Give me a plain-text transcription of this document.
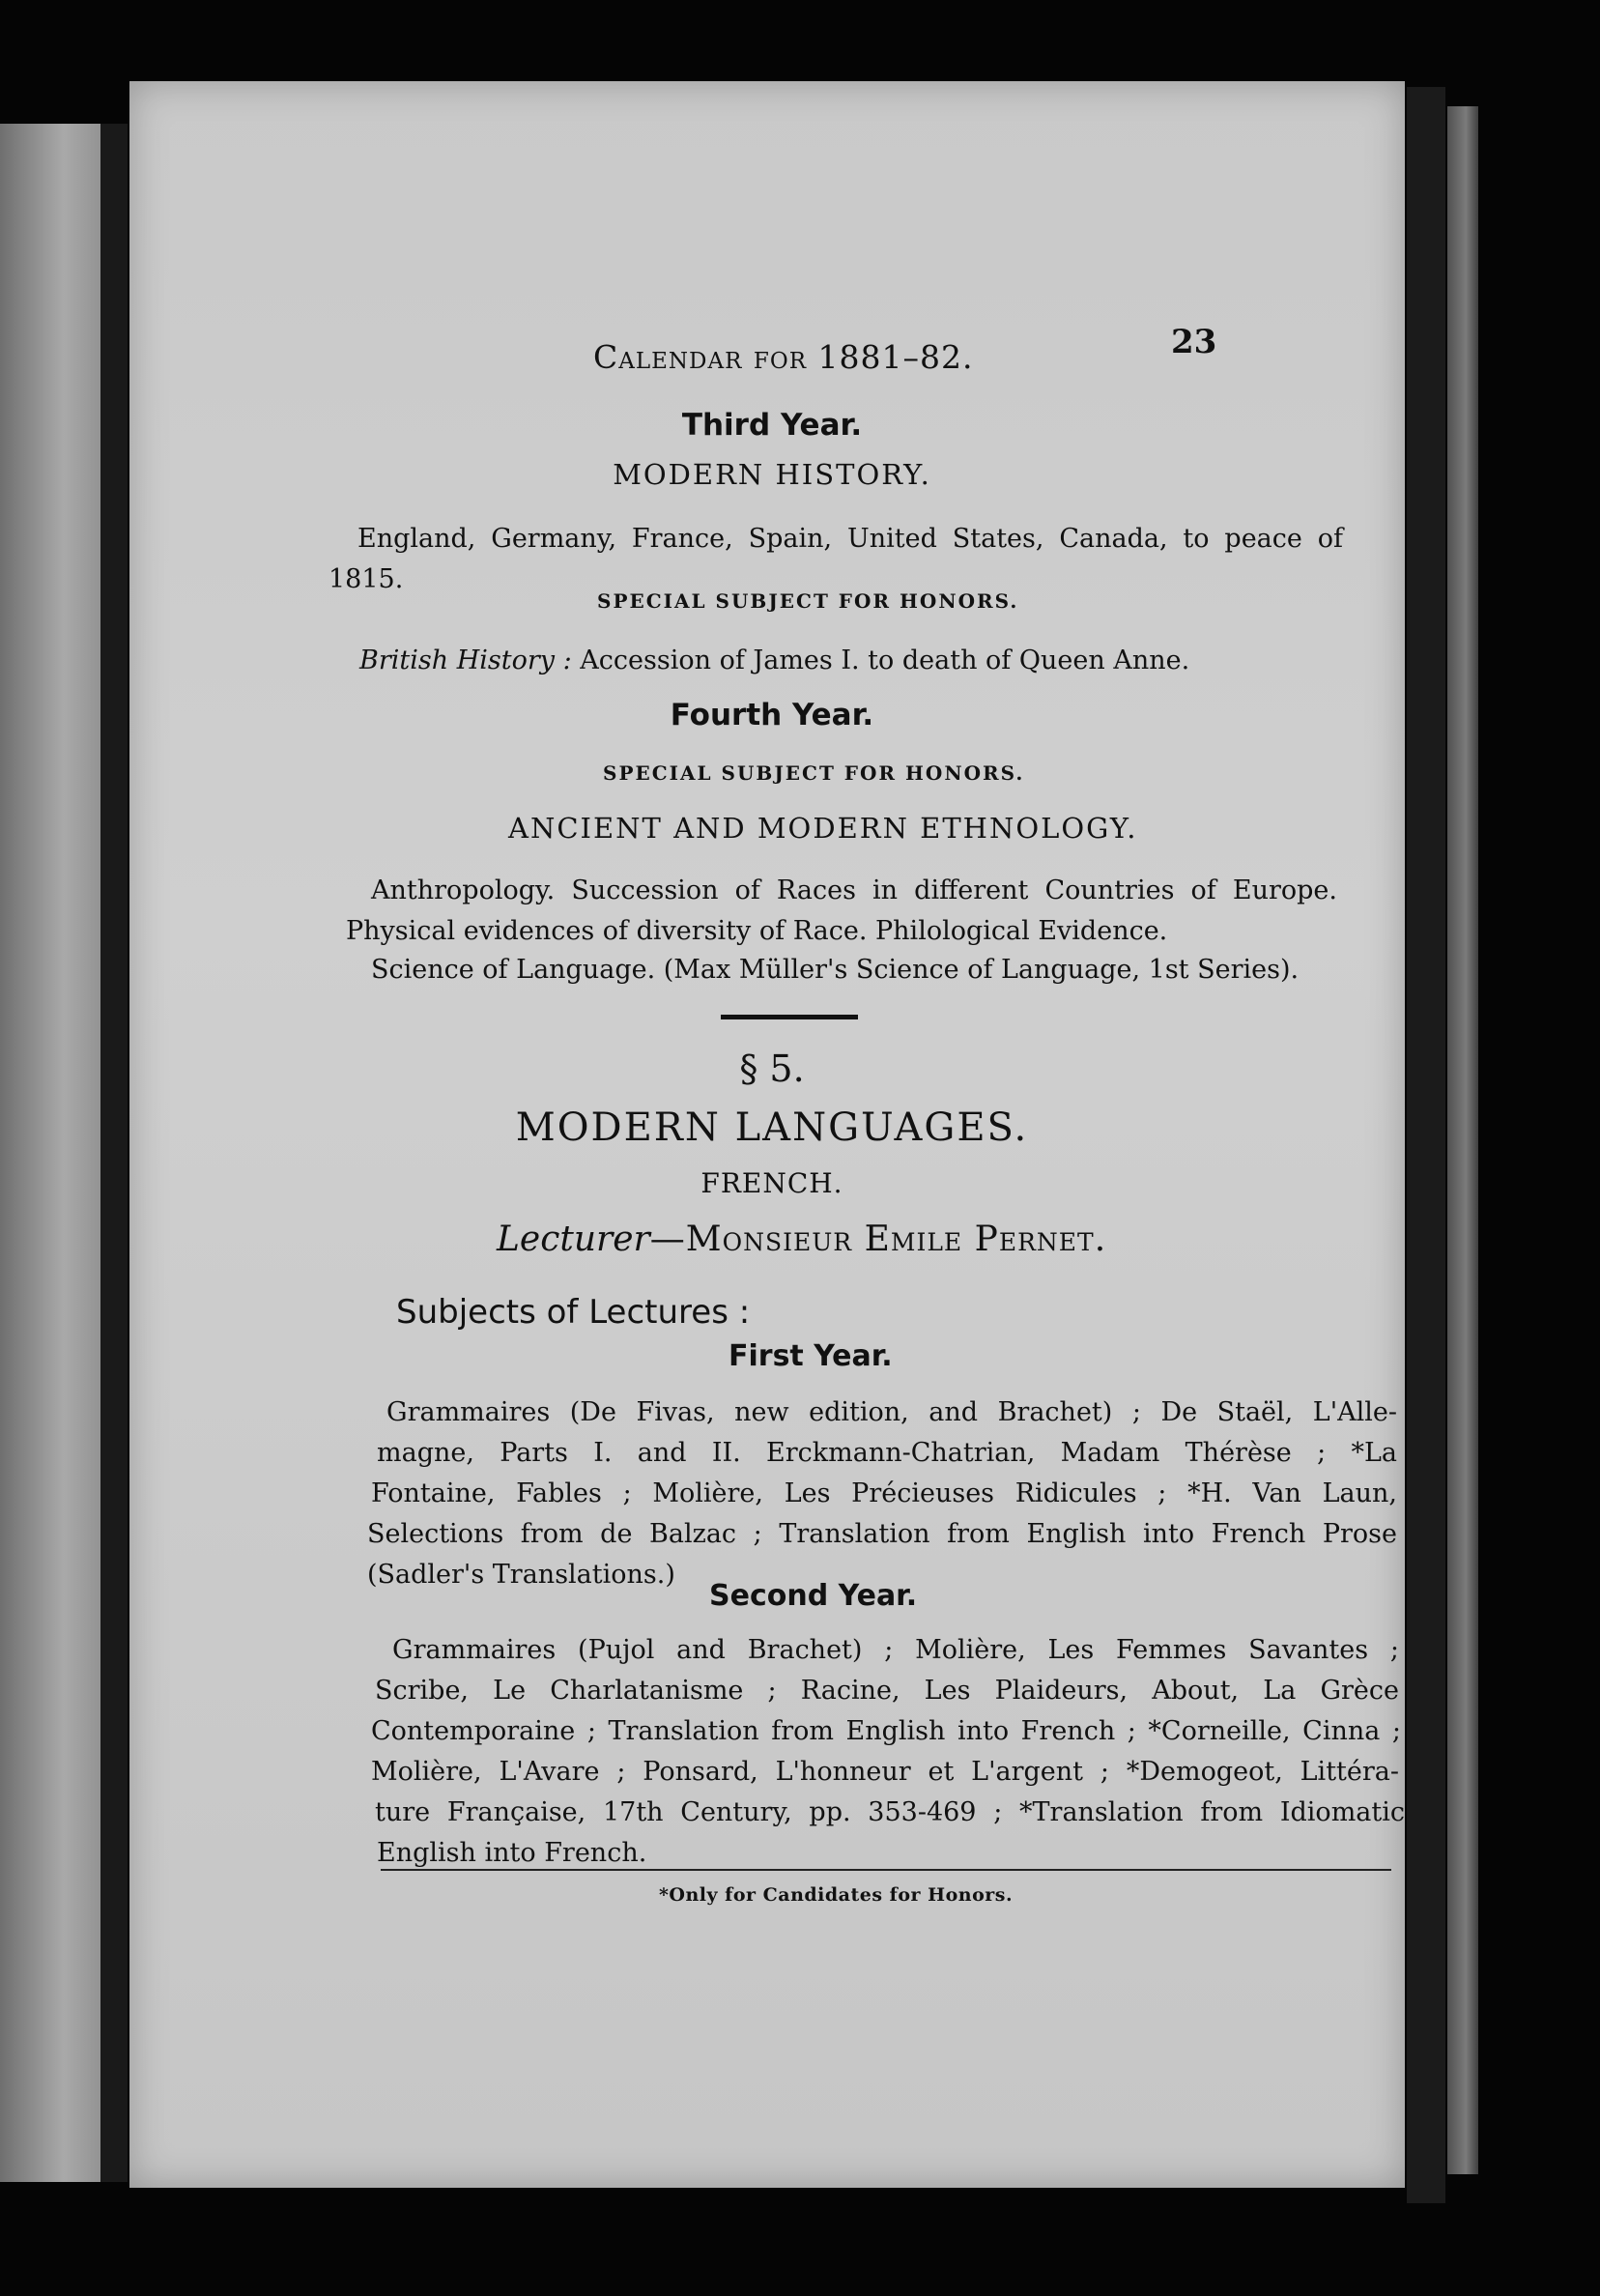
Calendar for 1881–82.	23
Third Year.
MODERN HISTORY.
England, Germany, France, Spain, United States, Canada, to peace of
1815.
SPECIAL SUBJECT FOR HONORS.
British History : Accession of James I. to death of Queen Anne.
Fourth Year.
SPECIAL SUBJECT FOR HONORS.
ANCIENT AND MODERN ETHNOLOGY.
Anthropology. Succession of Races in different Countries of Europe.
Physical evidences of diversity of Race. Philological Evidence.
Science of Language. (Max Müller's Science of Language, 1st Series).
§ 5.
MODERN LANGUAGES.
FRENCH.
Lecturer—Monsieur Emile Pernet.
Subjects of Lectures :
First Year.
Grammaires (De Fivas, new edition, and Brachet) ; De Staël, L'Alle-
magne, Parts I. and II. Erckmann-Chatrian, Madam Thérèse ; *La
Fontaine, Fables ; Molière, Les Précieuses Ridicules ; *H. Van Laun,
Selections from de Balzac ; Translation from English into French Prose
(Sadler's Translations.)
Second Year.
Grammaires (Pujol and Brachet) ; Molière, Les Femmes Savantes ;
Scribe, Le Charlatanisme ; Racine, Les Plaideurs, About, La Grèce
Contemporaine ; Translation from English into French ; *Corneille, Cinna ;
Molière, L'Avare ; Ponsard, L'honneur et L'argent ; *Demogeot, Littéra-
ture Française, 17th Century, pp. 353-469 ; *Translation from Idiomatic
English into French.
*Only for Candidates for Honors.
